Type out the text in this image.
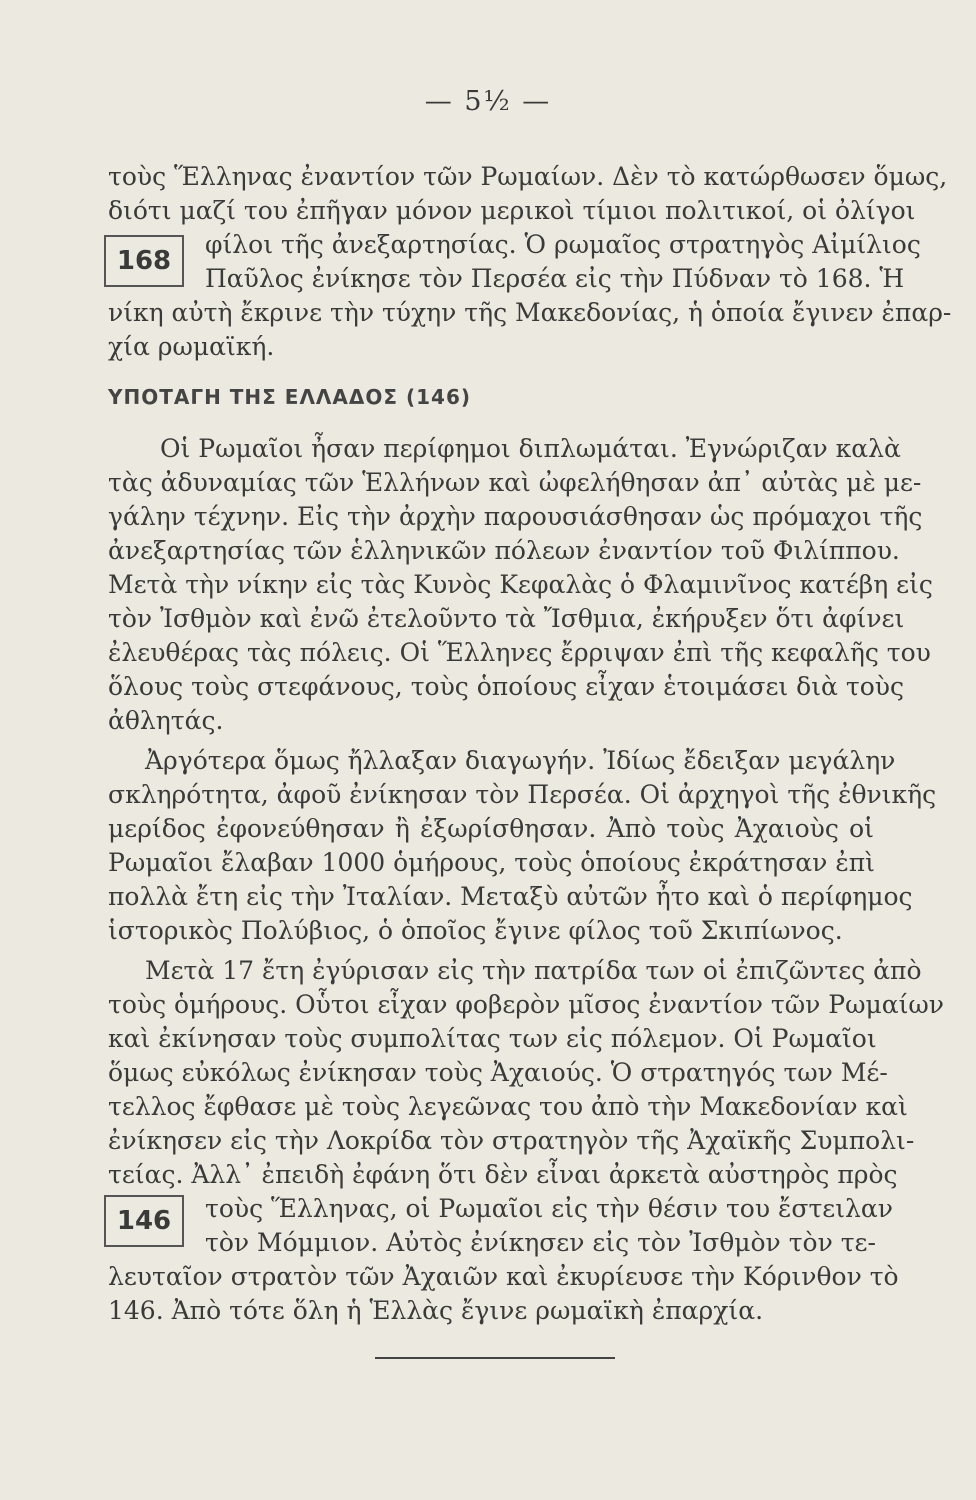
— 5½ —
168
146
τοὺς Ἕλληνας ἐναντίον τῶν Ρωμαίων. Δὲν τὸ κατώρθωσεν ὅμως,
διότι μαζί του ἐπῆγαν μόνον μερικοὶ τίμιοι πολιτικοί, οἱ ὀλίγοι
φίλοι τῆς ἀνεξαρτησίας. Ὁ ρωμαῖος στρατηγὸς Αἰμίλιος
Παῦλος ἐνίκησε τὸν Περσέα εἰς τὴν Πύδναν τὸ 168. Ἡ
νίκη αὐτὴ ἔκρινε τὴν τύχην τῆς Μακεδονίας, ἡ ὁποία ἔγινεν ἐπαρ-
χία ρωμαϊκή.
ΥΠΟΤΑΓΗ ΤΗΣ ΕΛΛΑΔΟΣ (146)
Οἱ Ρωμαῖοι ἦσαν περίφημοι διπλωμάται. Ἐγνώριζαν καλὰ
τὰς ἀδυναμίας τῶν Ἑλλήνων καὶ ὠφελήθησαν ἀπ᾿ αὐτὰς μὲ με-
γάλην τέχνην. Εἰς τὴν ἀρχὴν παρουσιάσθησαν ὡς πρόμαχοι τῆς
ἀνεξαρτησίας τῶν ἑλληνικῶν πόλεων ἐναντίον τοῦ Φιλίππου.
Μετὰ τὴν νίκην εἰς τὰς Κυνὸς Κεφαλὰς ὁ Φλαμινῖνος κατέβη εἰς
τὸν Ἰσθμὸν καὶ ἐνῶ ἐτελοῦντο τὰ Ἴσθμια, ἐκήρυξεν ὅτι ἀφίνει
ἐλευθέρας τὰς πόλεις. Οἱ Ἕλληνες ἔρριψαν ἐπὶ τῆς κεφαλῆς του
ὅλους τοὺς στεφάνους, τοὺς ὁποίους εἶχαν ἑτοιμάσει διὰ τοὺς
ἀθλητάς.
Ἀργότερα ὅμως ἤλλαξαν διαγωγήν. Ἰδίως ἔδειξαν μεγάλην
σκληρότητα, ἀφοῦ ἐνίκησαν τὸν Περσέα. Οἱ ἀρχηγοὶ τῆς ἐθνικῆς
μερίδος ἐφονεύθησαν ἢ ἐξωρίσθησαν. Ἀπὸ τοὺς Ἀχαιοὺς οἱ
Ρωμαῖοι ἔλαβαν 1000 ὁμήρους, τοὺς ὁποίους ἐκράτησαν ἐπὶ
πολλὰ ἔτη εἰς τὴν Ἰταλίαν. Μεταξὺ αὐτῶν ἦτο καὶ ὁ περίφημος
ἱστορικὸς Πολύβιος, ὁ ὁποῖος ἔγινε φίλος τοῦ Σκιπίωνος.
Μετὰ 17 ἔτη ἐγύρισαν εἰς τὴν πατρίδα των οἱ ἐπιζῶντες ἀπὸ
τοὺς ὁμήρους. Οὗτοι εἶχαν φοβερὸν μῖσος ἐναντίον τῶν Ρωμαίων
καὶ ἐκίνησαν τοὺς συμπολίτας των εἰς πόλεμον. Οἱ Ρωμαῖοι
ὅμως εὐκόλως ἐνίκησαν τοὺς Ἀχαιούς. Ὁ στρατηγός των Μέ-
τελλος ἔφθασε μὲ τοὺς λεγεῶνας του ἀπὸ τὴν Μακεδονίαν καὶ
ἐνίκησεν εἰς τὴν Λοκρίδα τὸν στρατηγὸν τῆς Ἀχαϊκῆς Συμπολι-
τείας. Ἀλλ᾿ ἐπειδὴ ἐφάνη ὅτι δὲν εἶναι ἀρκετὰ αὐστηρὸς πρὸς
τοὺς Ἕλληνας, οἱ Ρωμαῖοι εἰς τὴν θέσιν του ἔστειλαν
τὸν Μόμμιον. Αὐτὸς ἐνίκησεν εἰς τὸν Ἰσθμὸν τὸν τε-
λευταῖον στρατὸν τῶν Ἀχαιῶν καὶ ἐκυρίευσε τὴν Κόρινθον τὸ
146. Ἀπὸ τότε ὅλη ἡ Ἑλλὰς ἔγινε ρωμαϊκὴ ἐπαρχία.
